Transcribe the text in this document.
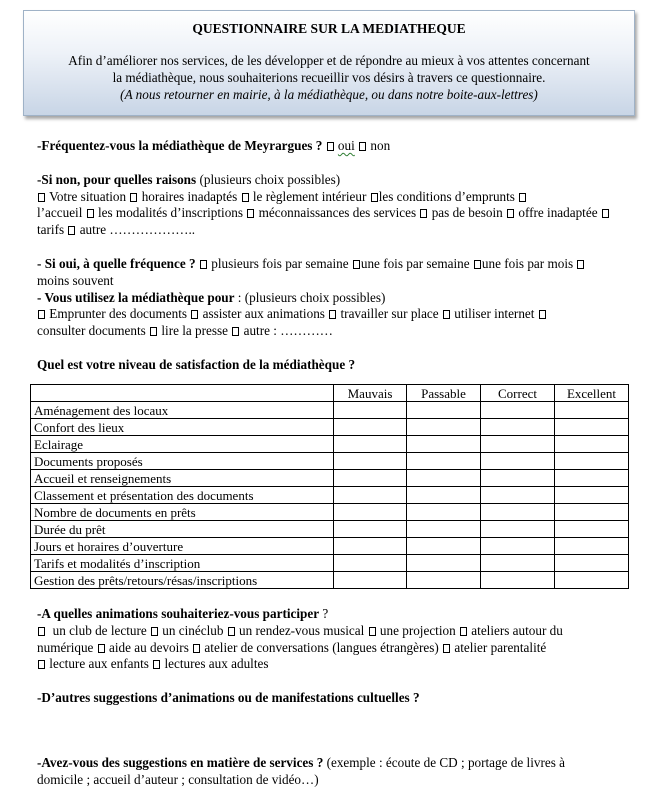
QUESTIONNAIRE SUR LA MEDIATHEQUE
Afin d’améliorer nos services, de les développer et de répondre au mieux à vos attentes concernant
la médiathèque, nous souhaiterions recueillir vos désirs à travers ce questionnaire.
(A nous retourner en mairie, à la médiathèque, ou dans notre boite-aux-lettres)

-Fréquentez-vous la médiathèque de Meyrargues ? oui non

-Si non, pour quelles raisons (plusieurs choix possibles)
Votre situation horaires inadaptés le règlement intérieur les conditions d’emprunts
l’accueil les modalités d’inscriptions méconnaissances des services pas de besoin offre inadaptée  tarifs autre ………………..

- Si oui, à quelle fréquence ? plusieurs fois par semaine une fois par semaine une fois par mois  moins souvent

- Vous utilisez la médiathèque pour : (plusieurs choix possibles)
Emprunter des documents assister aux animations travailler sur place utiliser internet
consulter documents lire la presse autre : …………

Quel est votre niveau de satisfaction de la médiathèque ?

	Mauvais	Passable	Correct	Excellent
Aménagement des locaux				
Confort des lieux				
Eclairage				
Documents proposés				
Accueil et renseignements				
Classement et présentation des documents				
Nombre de documents en prêts				
Durée du prêt				
Jours et horaires d’ouverture				
Tarifs et modalités d’inscription				
Gestion des prêts/retours/résas/inscriptions				

-A quelles animations souhaiteriez-vous participer ?
un club de lecture un cinéclub un rendez-vous musical une projection ateliers autour du numérique aide au devoirs atelier de conversations (langues étrangères) atelier parentalité
lecture aux enfants lectures aux adultes

-D’autres suggestions d’animations ou de manifestations cultuelles ?

-Avez-vous des suggestions en matière de services ? (exemple : écoute de CD ; portage de livres à domicile ; accueil d’auteur ; consultation de vidéo…)
